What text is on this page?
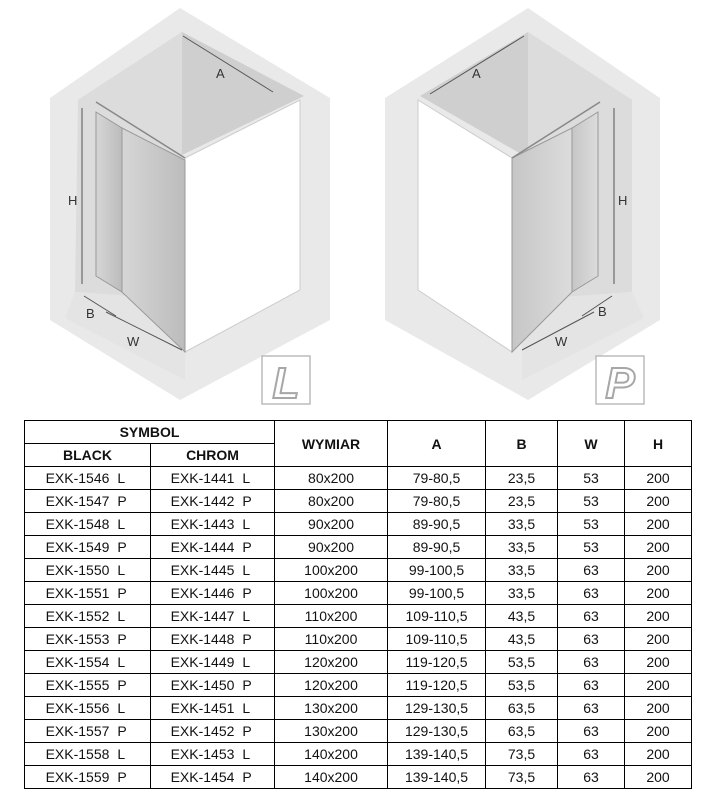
A
H
B
W
L
A
H
B
W
P
SYMBOL		WYMIAR	A	B	W	H
BLACK	CHROM					
EXK-1546 L	EXK-1441 L	80x200	79-80,5	23,5	53	200
EXK-1547 P	EXK-1442 P	80x200	79-80,5	23,5	53	200
EXK-1548 L	EXK-1443 L	90x200	89-90,5	33,5	53	200
EXK-1549 P	EXK-1444 P	90x200	89-90,5	33,5	53	200
EXK-1550 L	EXK-1445 L	100x200	99-100,5	33,5	63	200
EXK-1551 P	EXK-1446 P	100x200	99-100,5	33,5	63	200
EXK-1552 L	EXK-1447 L	110x200	109-110,5	43,5	63	200
EXK-1553 P	EXK-1448 P	110x200	109-110,5	43,5	63	200
EXK-1554 L	EXK-1449 L	120x200	119-120,5	53,5	63	200
EXK-1555 P	EXK-1450 P	120x200	119-120,5	53,5	63	200
EXK-1556 L	EXK-1451 L	130x200	129-130,5	63,5	63	200
EXK-1557 P	EXK-1452 P	130x200	129-130,5	63,5	63	200
EXK-1558 L	EXK-1453 L	140x200	139-140,5	73,5	63	200
EXK-1559 P	EXK-1454 P	140x200	139-140,5	73,5	63	200
